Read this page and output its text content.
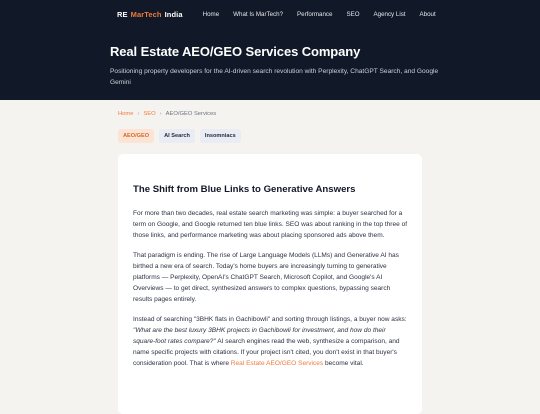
RE MarTech India	Home What Is MarTech? Performance SEO Agency List About
Real Estate AEO/GEO Services Company

Positioning property developers for the AI-driven search revolution with Perplexity, ChatGPT Search, and Google Gemini

Home › SEO › AEO/GEO Services
AEO/GEO	AI Search	Insomniacs
The Shift from Blue Links to Generative Answers

For more than two decades, real estate search marketing was simple: a buyer searched for a term on Google, and Google returned ten blue links. SEO was about ranking in the top three of those links, and performance marketing was about placing sponsored ads above them.

That paradigm is ending. The rise of Large Language Models (LLMs) and Generative AI has birthed a new era of search. Today's home buyers are increasingly turning to generative platforms — Perplexity, OpenAI's ChatGPT Search, Microsoft Copilot, and Google's AI Overviews — to get direct, synthesized answers to complex questions, bypassing search results pages entirely.

Instead of searching "3BHK flats in Gachibowli" and sorting through listings, a buyer now asks: "What are the best luxury 3BHK projects in Gachibowli for investment, and how do their square-foot rates compare?" AI search engines read the web, synthesize a comparison, and name specific projects with citations. If your project isn't cited, you don't exist in that buyer's consideration pool. That is where Real Estate AEO/GEO Services become vital.
